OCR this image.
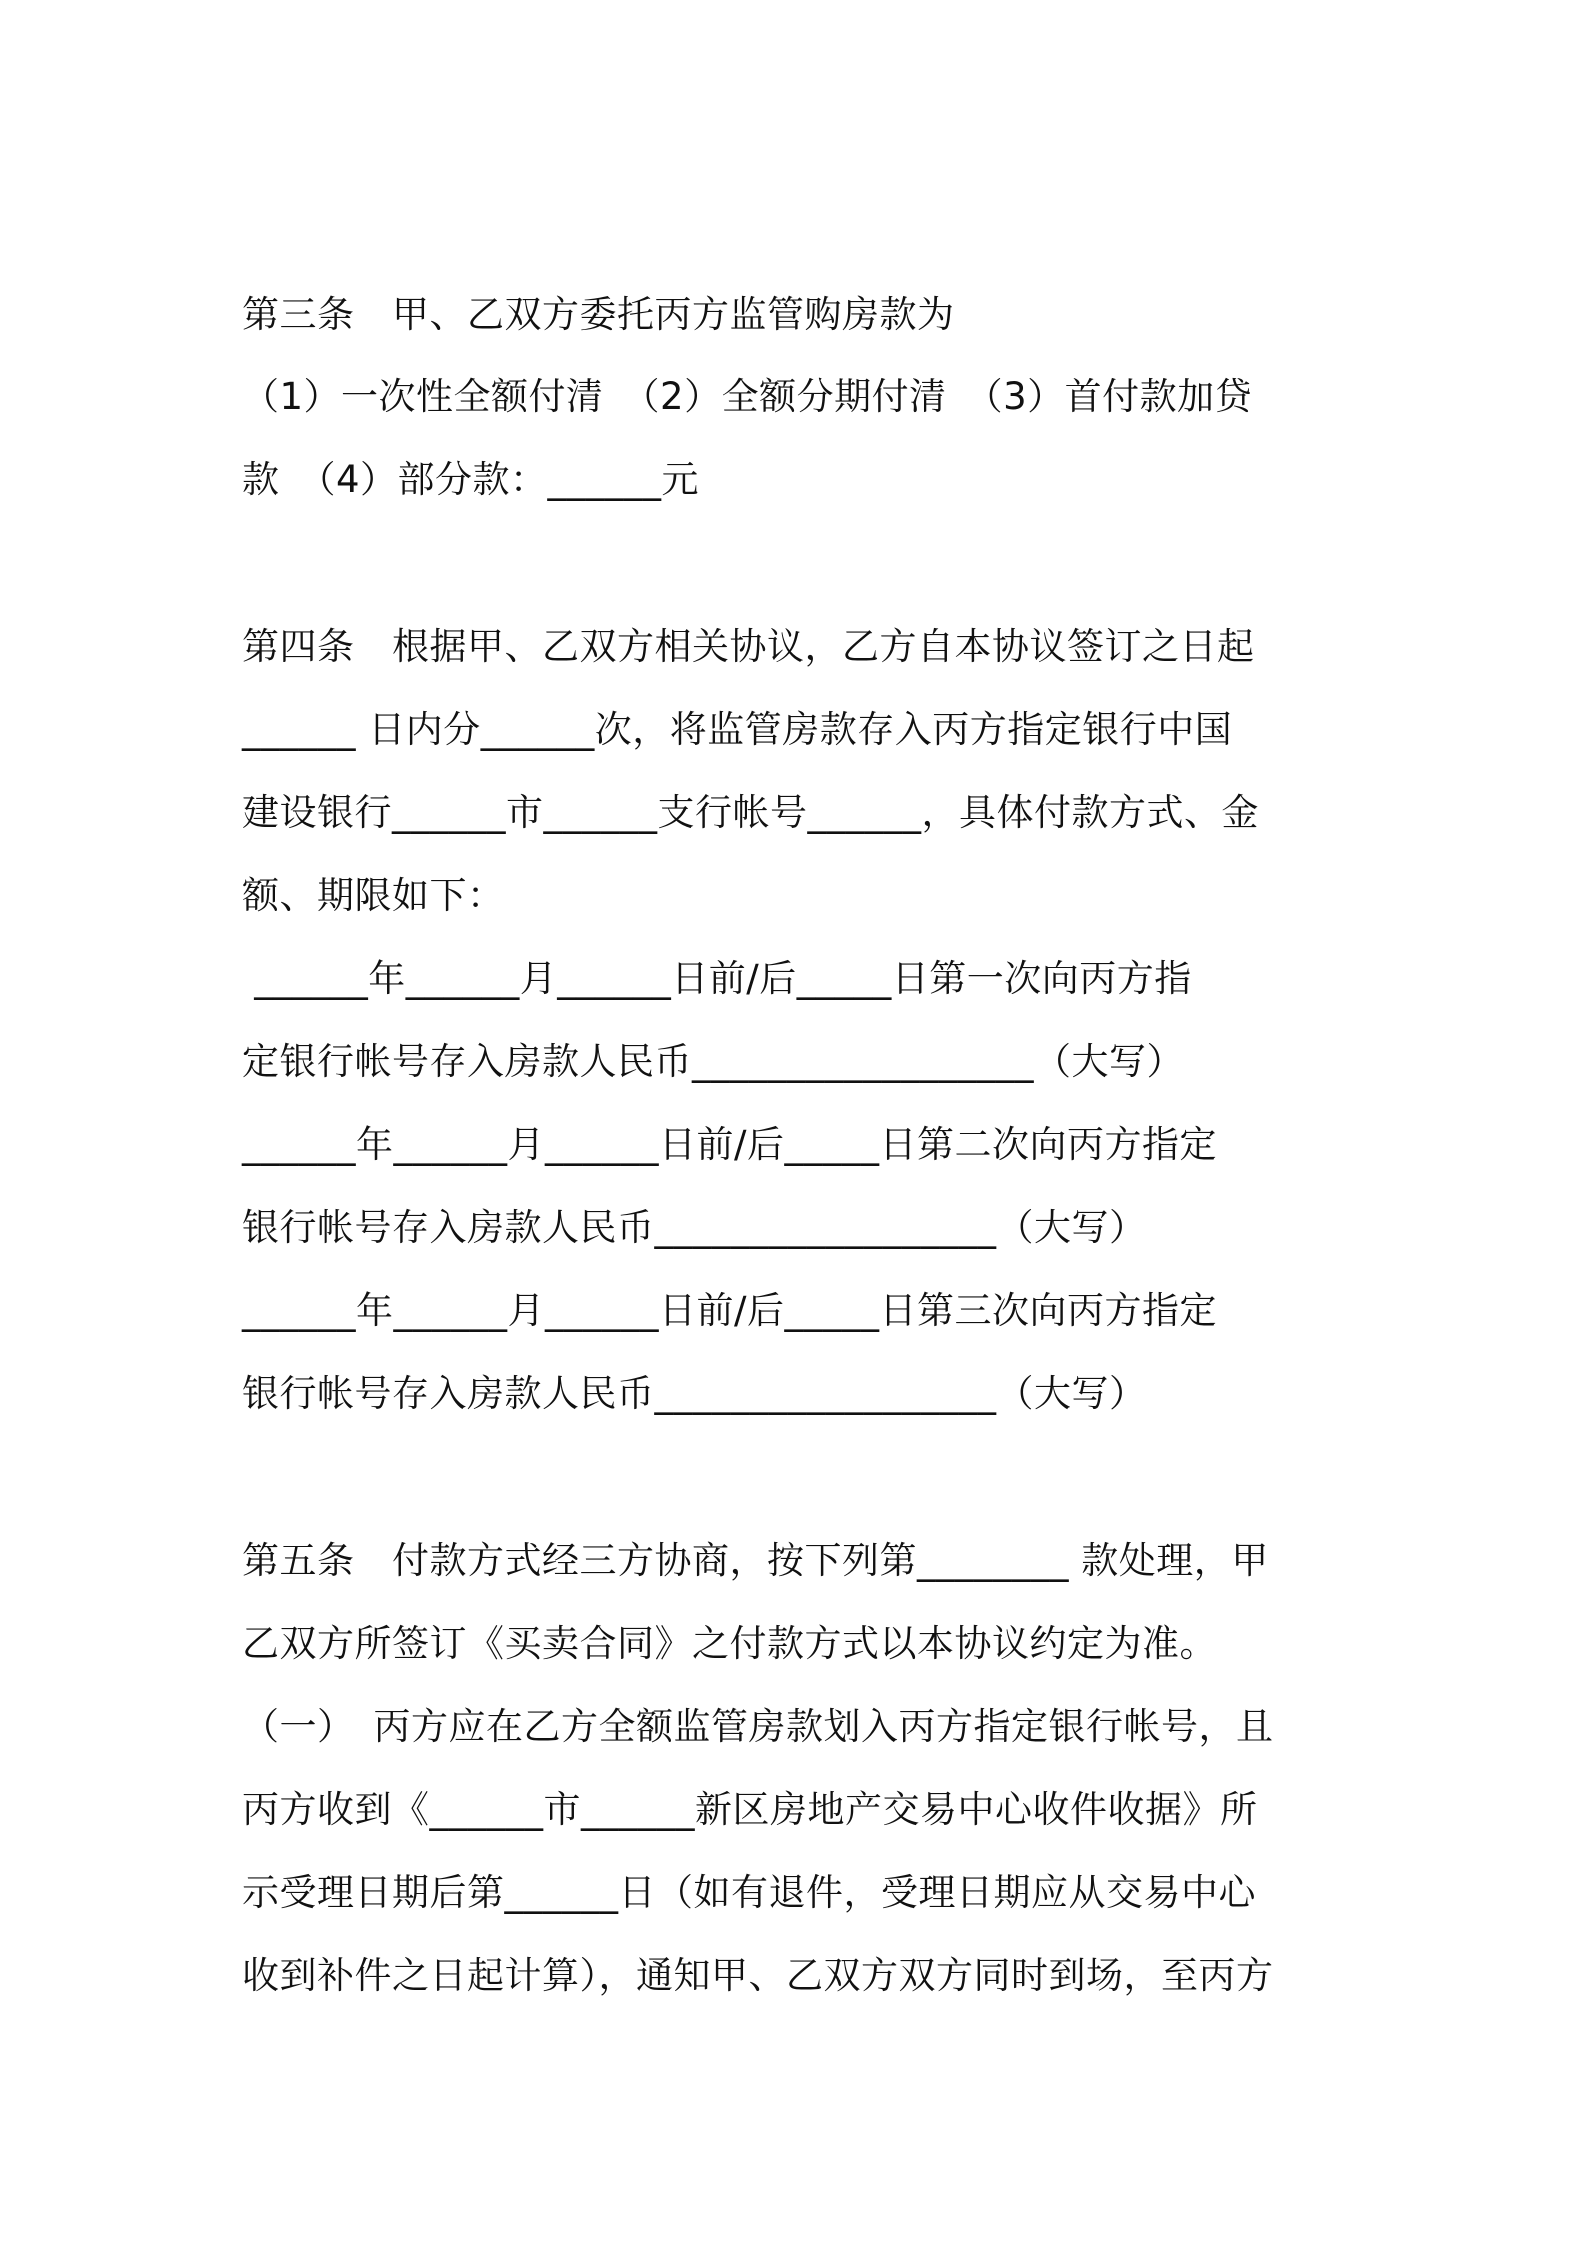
第三条　甲、乙双方委托丙方监管购房款为
（1）一次性全额付清　（2）全额分期付清　（3）首付款加贷
款　（4）部分款：______元
第四条　根据甲、乙双方相关协议，乙方自本协议签订之日起
______ 日内分______次，将监管房款存入丙方指定银行中国
建设银行______市______支行帐号______，具体付款方式、金
额、期限如下：
______年______月______日前/后_____日第一次向丙方指
定银行帐号存入房款人民币__________________（大写）
______年______月______日前/后_____日第二次向丙方指定
银行帐号存入房款人民币__________________（大写）
______年______月______日前/后_____日第三次向丙方指定
银行帐号存入房款人民币__________________（大写）
第五条　付款方式经三方协商，按下列第________ 款处理，甲
乙双方所签订《买卖合同》之付款方式以本协议约定为准。
（一）　丙方应在乙方全额监管房款划入丙方指定银行帐号，且
丙方收到《______市______新区房地产交易中心收件收据》所
示受理日期后第______日（如有退件，受理日期应从交易中心
收到补件之日起计算），通知甲、乙双方双方同时到场，至丙方
